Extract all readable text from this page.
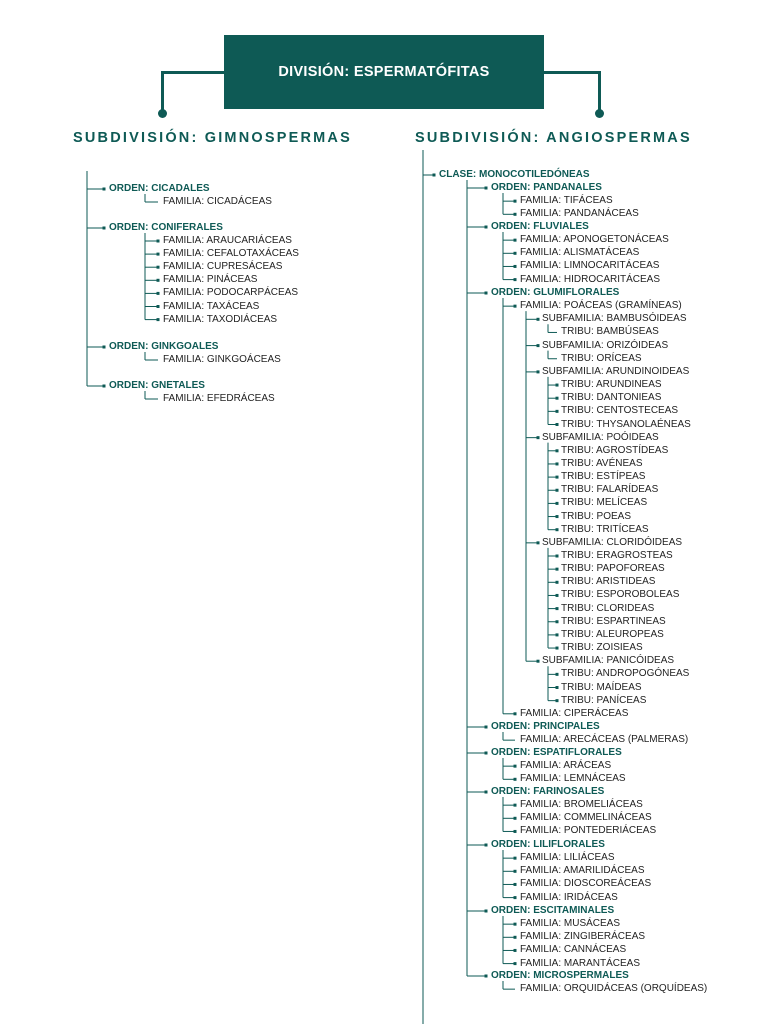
DIVISIÓN: ESPERMATÓFITAS
SUBDIVISIÓN: GIMNOSPERMAS	SUBDIVISIÓN: ANGIOSPERMAS
ORDEN: CICADALES
FAMILIA: CICADÁCEAS
ORDEN: CONIFERALES
FAMILIA: ARAUCARIÁCEAS
FAMILIA: CEFALOTAXÁCEAS
FAMILIA: CUPRESÁCEAS
FAMILIA: PINÁCEAS
FAMILIA: PODOCARPÁCEAS
FAMILIA: TAXÁCEAS
FAMILIA: TAXODIÁCEAS
ORDEN: GINKGOALES
FAMILIA: GINKGOÁCEAS
ORDEN: GNETALES
FAMILIA: EFEDRÁCEAS
CLASE: MONOCOTILEDÓNEAS
ORDEN: PANDANALES
FAMILIA: TIFÁCEAS
FAMILIA: PANDANÁCEAS
ORDEN: FLUVIALES
FAMILIA: APONOGETONÁCEAS
FAMILIA: ALISMATÁCEAS
FAMILIA: LIMNOCARITÁCEAS
FAMILIA: HIDROCARITÁCEAS
ORDEN: GLUMIFLORALES
FAMILIA: POÁCEAS (GRAMÍNEAS)
SUBFAMILIA: BAMBUSÓIDEAS
TRIBU: BAMBÚSEAS
SUBFAMILIA: ORIZÓIDEAS
TRIBU: ORÍCEAS
SUBFAMILIA: ARUNDINOIDEAS
TRIBU: ARUNDINEAS
TRIBU: DANTONIEAS
TRIBU: CENTOSTECEAS
TRIBU: THYSANOLAÉNEAS
SUBFAMILIA: POÓIDEAS
TRIBU: AGROSTÍDEAS
TRIBU: AVÉNEAS
TRIBU: ESTÍPEAS
TRIBU: FALARÍDEAS
TRIBU: MELÍCEAS
TRIBU: POEAS
TRIBU: TRITÍCEAS
SUBFAMILIA: CLORIDÓIDEAS
TRIBU: ERAGROSTEAS
TRIBU: PAPOFOREAS
TRIBU: ARISTIDEAS
TRIBU: ESPOROBOLEAS
TRIBU: CLORIDEAS
TRIBU: ESPARTINEAS
TRIBU: ALEUROPEAS
TRIBU: ZOISIEAS
SUBFAMILIA: PANICÓIDEAS
TRIBU: ANDROPOGÓNEAS
TRIBU: MAÍDEAS
TRIBU: PANÍCEAS
FAMILIA: CIPERÁCEAS
ORDEN: PRINCIPALES
FAMILIA: ARECÁCEAS (PALMERAS)
ORDEN: ESPATIFLORALES
FAMILIA: ARÁCEAS
FAMILIA: LEMNÁCEAS
ORDEN: FARINOSALES
FAMILIA: BROMELIÁCEAS
FAMILIA: COMMELINÁCEAS
FAMILIA: PONTEDERIÁCEAS
ORDEN: LILIFLORALES
FAMILIA: LILIÁCEAS
FAMILIA: AMARILIDÁCEAS
FAMILIA: DIOSCOREÁCEAS
FAMILIA: IRIDÁCEAS
ORDEN: ESCITAMINALES
FAMILIA: MUSÁCEAS
FAMILIA: ZINGIBERÁCEAS
FAMILIA: CANNÁCEAS
FAMILIA: MARANTÁCEAS
ORDEN: MICROSPERMALES
FAMILIA: ORQUIDÁCEAS (ORQUÍDEAS)
